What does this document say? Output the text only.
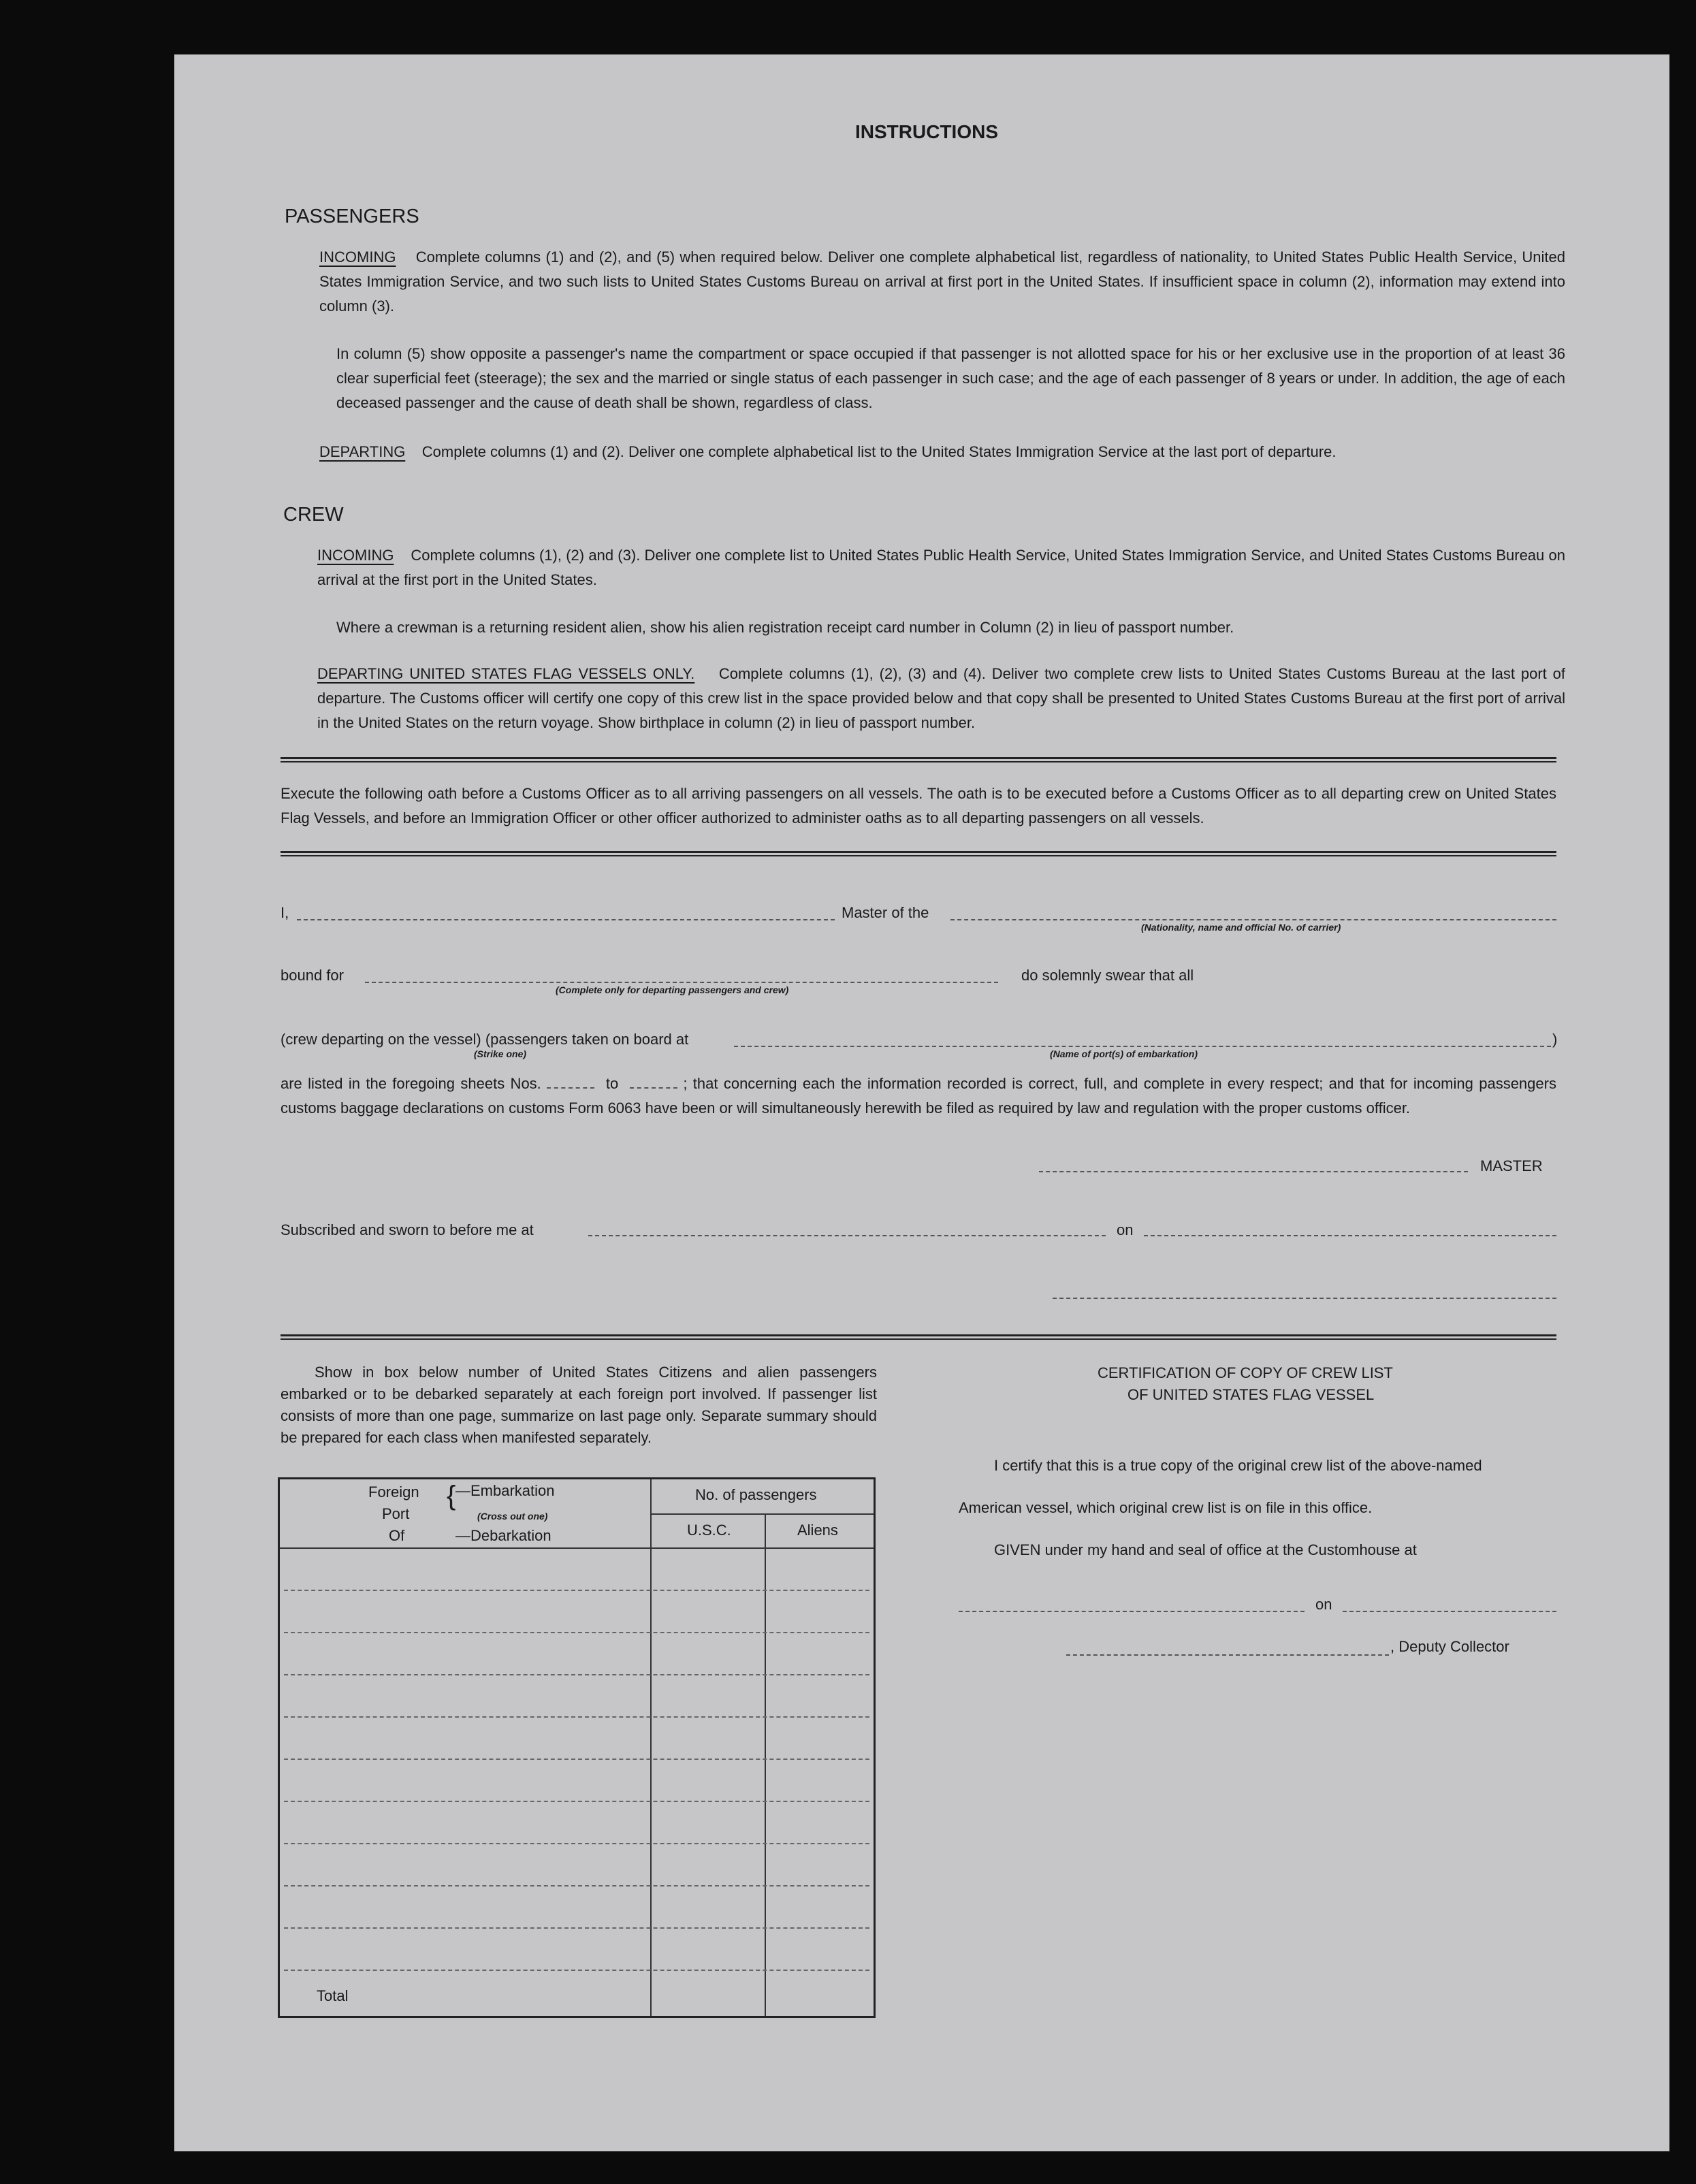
INSTRUCTIONS
PASSENGERS
INCOMING Complete columns (1) and (2), and (5) when required below. Deliver one complete alphabetical list, regardless of nationality, to United States Public Health Service, United States Immigration Service, and two such lists to United States Customs Bureau on arrival at first port in the United States. If insufficient space in column (2), information may extend into column (3).
In column (5) show opposite a passenger's name the compartment or space occupied if that passenger is not allotted space for his or her exclusive use in the proportion of at least 36 clear superficial feet (steerage); the sex and the married or single status of each passenger in such case; and the age of each passenger of 8 years or under. In addition, the age of each deceased passenger and the cause of death shall be shown, regardless of class.
DEPARTING Complete columns (1) and (2). Deliver one complete alphabetical list to the United States Immigration Service at the last port of departure.
CREW
INCOMING Complete columns (1), (2) and (3). Deliver one complete list to United States Public Health Service, United States Immigration Service, and United States Customs Bureau on arrival at the first port in the United States.
Where a crewman is a returning resident alien, show his alien registration receipt card number in Column (2) in lieu of passport number.
DEPARTING UNITED STATES FLAG VESSELS ONLY. Complete columns (1), (2), (3) and (4). Deliver two complete crew lists to United States Customs Bureau at the last port of departure. The Customs officer will certify one copy of this crew list in the space provided below and that copy shall be presented to United States Customs Bureau at the first port of arrival in the United States on the return voyage. Show birthplace in column (2) in lieu of passport number.
Execute the following oath before a Customs Officer as to all arriving passengers on all vessels. The oath is to be executed before a Customs Officer as to all departing crew on United States Flag Vessels, and before an Immigration Officer or other officer authorized to administer oaths as to all departing passengers on all vessels.
I,	Master of the
(Nationality, name and official No. of carrier)
bound for
(Complete only for departing passengers and crew)
do solemnly swear that all
(crew departing on the vessel) (passengers taken on board at	)
(Strike one)	(Name of port(s) of embarkation)
are listed in the foregoing sheets Nos.	to	; that concerning each the information recorded is correct, full, and complete in every respect; and that for incoming passengers customs baggage declarations on customs Form 6063 have been or will simultaneously herewith be filed as required by law and regulation with the proper customs officer.
MASTER
Subscribed and sworn to before me at	on
Show in box below number of United States Citizens and alien passengers embarked or to be debarked separately at each foreign port involved. If passenger list consists of more than one page, summarize on last page only. Separate summary should be prepared for each class when manifested separately.
Foreign
Port
Of
{ —Embarkation
(Cross out one)
—Debarkation
No. of passengers
U.S.C.	Aliens
Total
CERTIFICATION OF COPY OF CREW LIST
OF UNITED STATES FLAG VESSEL
I certify that this is a true copy of the original crew list of the above-named
American vessel, which original crew list is on file in this office.
GIVEN under my hand and seal of office at the Customhouse at
on
, Deputy Collector
